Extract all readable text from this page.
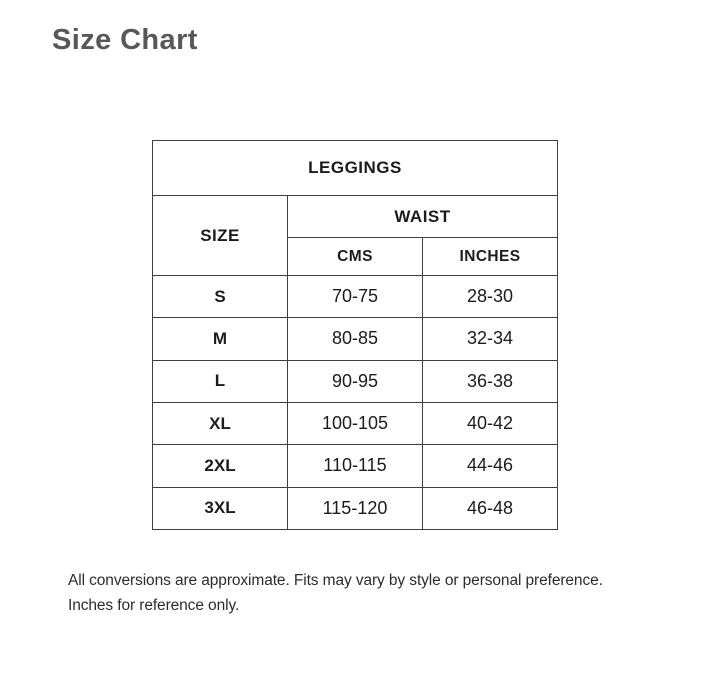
Size Chart
LEGGINGS		
SIZE	WAIST	
	CMS	INCHES
S	70-75	28-30
M	80-85	32-34
L	90-95	36-38
XL	100-105	40-42
2XL	110-115	44-46
3XL	115-120	46-48
All conversions are approximate. Fits may vary by style or personal preference.
Inches for reference only.
